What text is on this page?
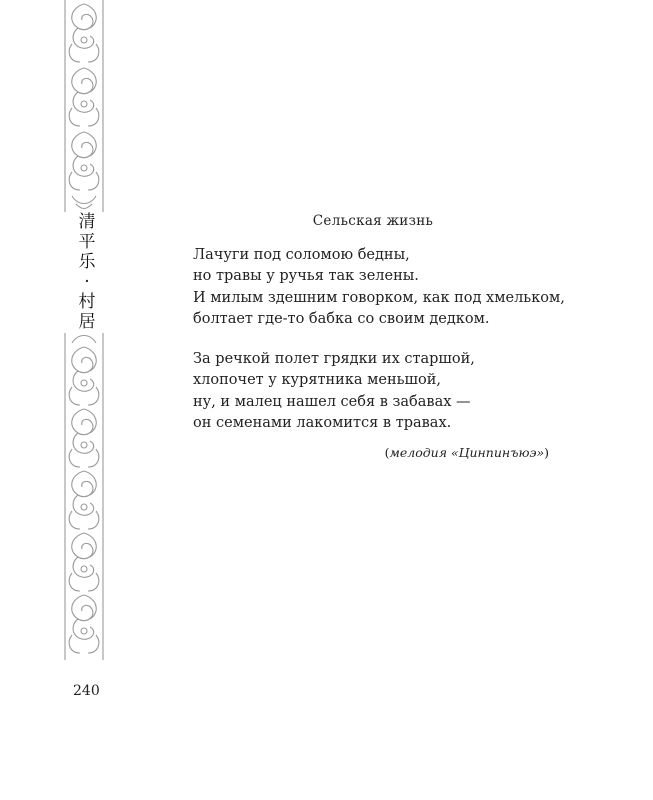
清
平
乐
·
村
居
Сельская жизнь
Лачуги под соломою бедны,
но травы у ручья так зелены.
И милым здешним говорком, как под хмельком,
болтает где-то бабка со своим дедком.
За речкой полет грядки их старшой,
хлопочет у курятника меньшой,
ну, и малец нашел себя в забавах —
он семенами лакомится в травах.
(мелодия «Цинпинъюэ»)
240
